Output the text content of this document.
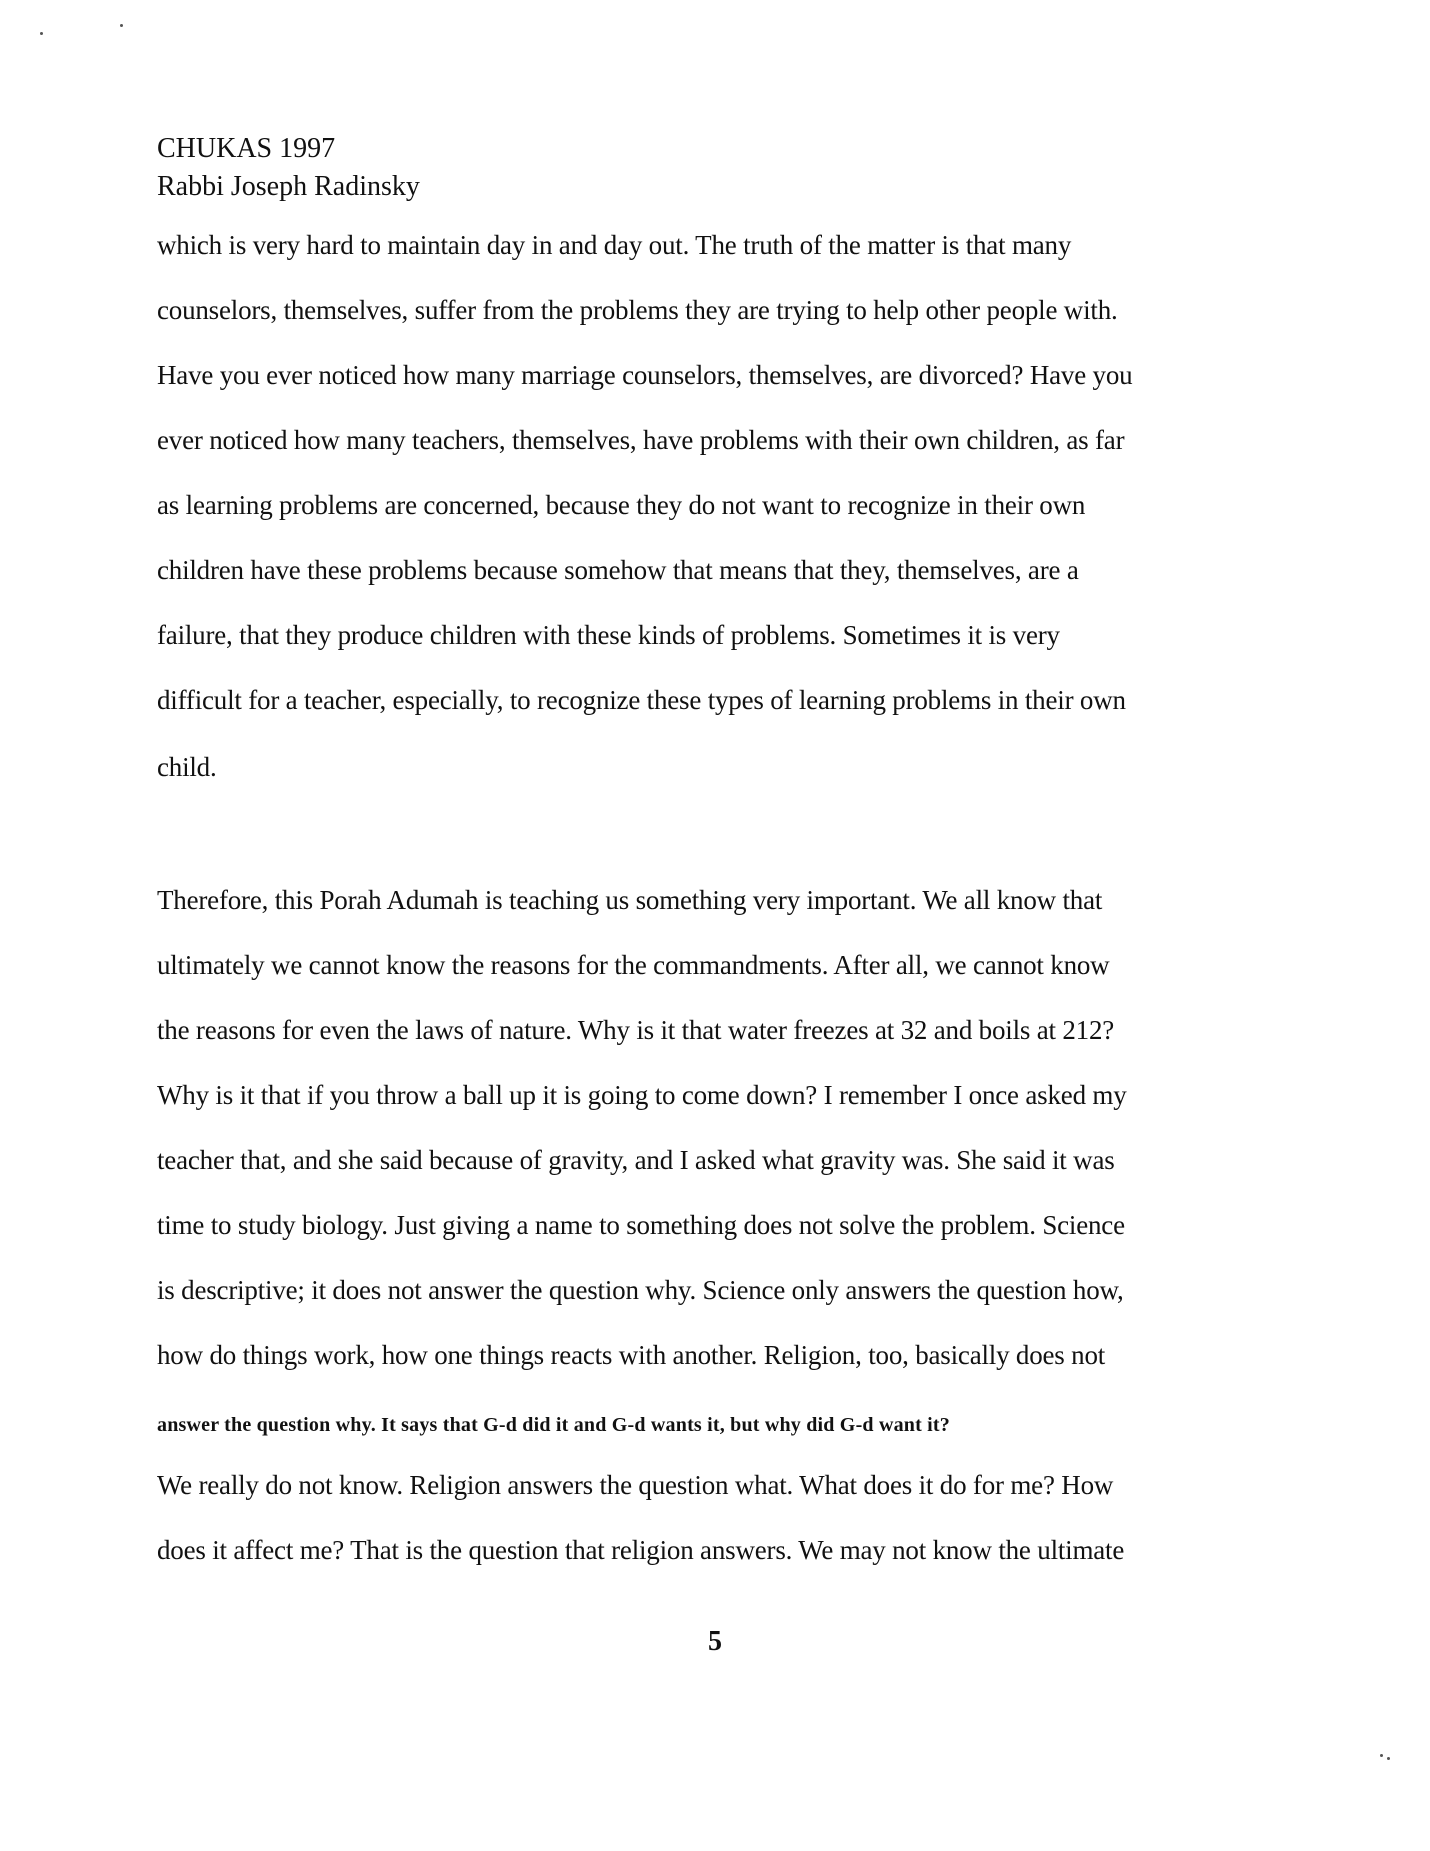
CHUKAS 1997
Rabbi Joseph Radinsky
which is very hard to maintain day in and day out. The truth of the matter is that many
counselors, themselves, suffer from the problems they are trying to help other people with.
Have you ever noticed how many marriage counselors, themselves, are divorced? Have you
ever noticed how many teachers, themselves, have problems with their own children, as far
as learning problems are concerned, because they do not want to recognize in their own
children have these problems because somehow that means that they, themselves, are a
failure, that they produce children with these kinds of problems. Sometimes it is very
difficult for a teacher, especially, to recognize these types of learning problems in their own
child.
Therefore, this Porah Adumah is teaching us something very important. We all know that
ultimately we cannot know the reasons for the commandments. After all, we cannot know
the reasons for even the laws of nature. Why is it that water freezes at 32 and boils at 212?
Why is it that if you throw a ball up it is going to come down? I remember I once asked my
teacher that, and she said because of gravity, and I asked what gravity was. She said it was
time to study biology. Just giving a name to something does not solve the problem. Science
is descriptive; it does not answer the question why. Science only answers the question how,
how do things work, how one things reacts with another. Religion, too, basically does not
answer the question why. It says that G-d did it and G-d wants it, but why did G-d want it?
We really do not know. Religion answers the question what. What does it do for me? How
does it affect me? That is the question that religion answers. We may not know the ultimate
5
